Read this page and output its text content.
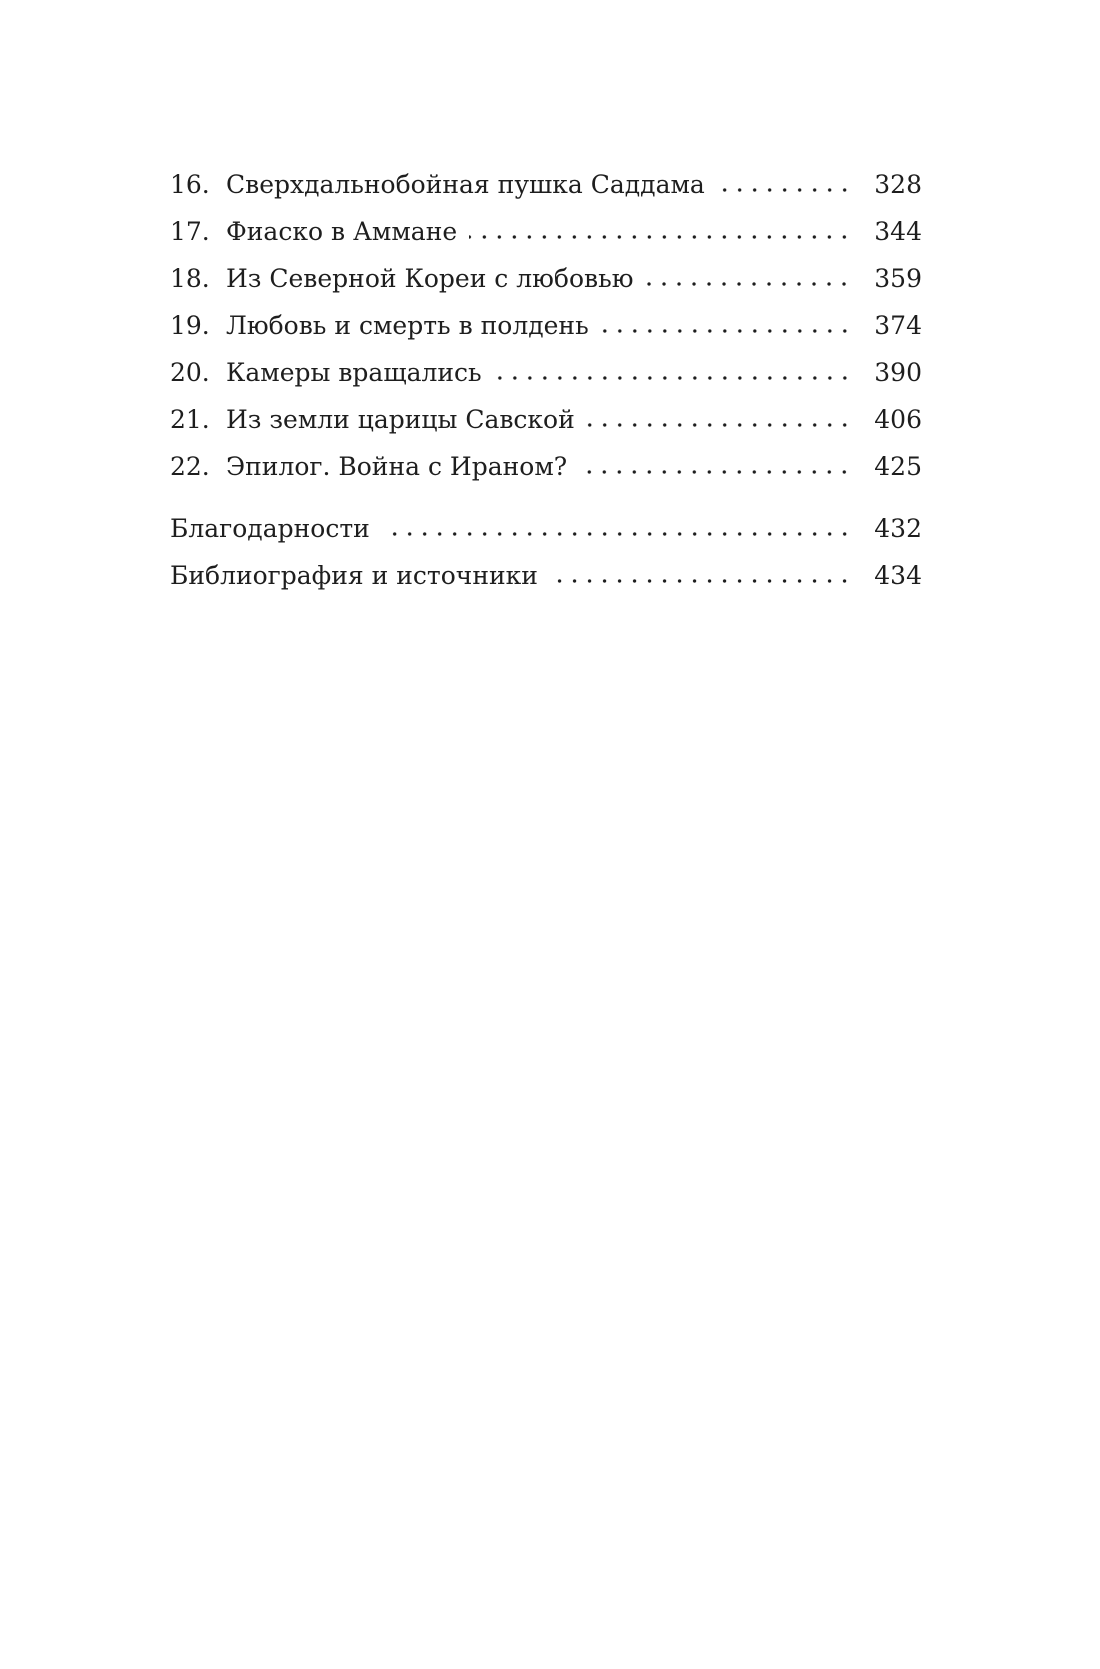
16. Сверхдальнобойная пушка Саддама	328
17. Фиаско в Аммане	344
18. Из Северной Кореи с любовью	359
19. Любовь и смерть в полдень	374
20. Камеры вращались	390
21. Из земли царицы Савской	406
22. Эпилог. Война с Ираном?	425
Благодарности	432
Библиография и источники	434
